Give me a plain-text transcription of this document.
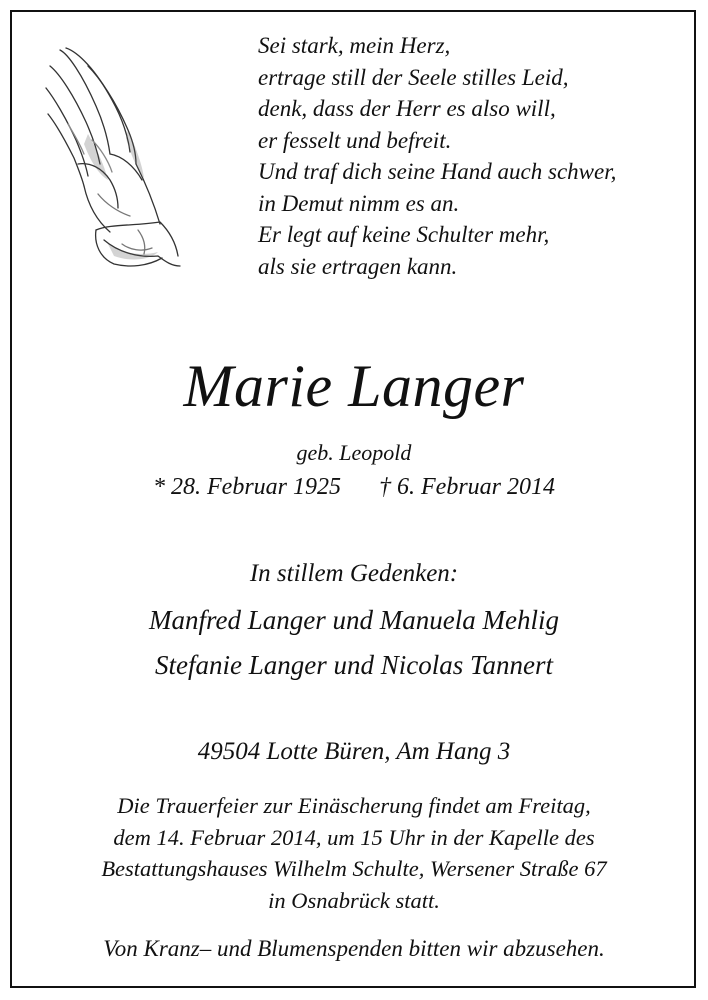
Sei stark, mein Herz,
ertrage still der Seele stilles Leid,
denk, dass der Herr es also will,
er fesselt und befreit.
Und traf dich seine Hand auch schwer,
in Demut nimm es an.
Er legt auf keine Schulter mehr,
als sie ertragen kann.
Marie Langer
geb. Leopold
* 28. Februar 1925 † 6. Februar 2014
In stillem Gedenken:
Manfred Langer und Manuela Mehlig
Stefanie Langer und Nicolas Tannert
49504 Lotte Büren, Am Hang 3
Die Trauerfeier zur Einäscherung findet am Freitag,
dem 14. Februar 2014, um 15 Uhr in der Kapelle des
Bestattungshauses Wilhelm Schulte, Wersener Straße 67
in Osnabrück statt.
Von Kranz– und Blumenspenden bitten wir abzusehen.
